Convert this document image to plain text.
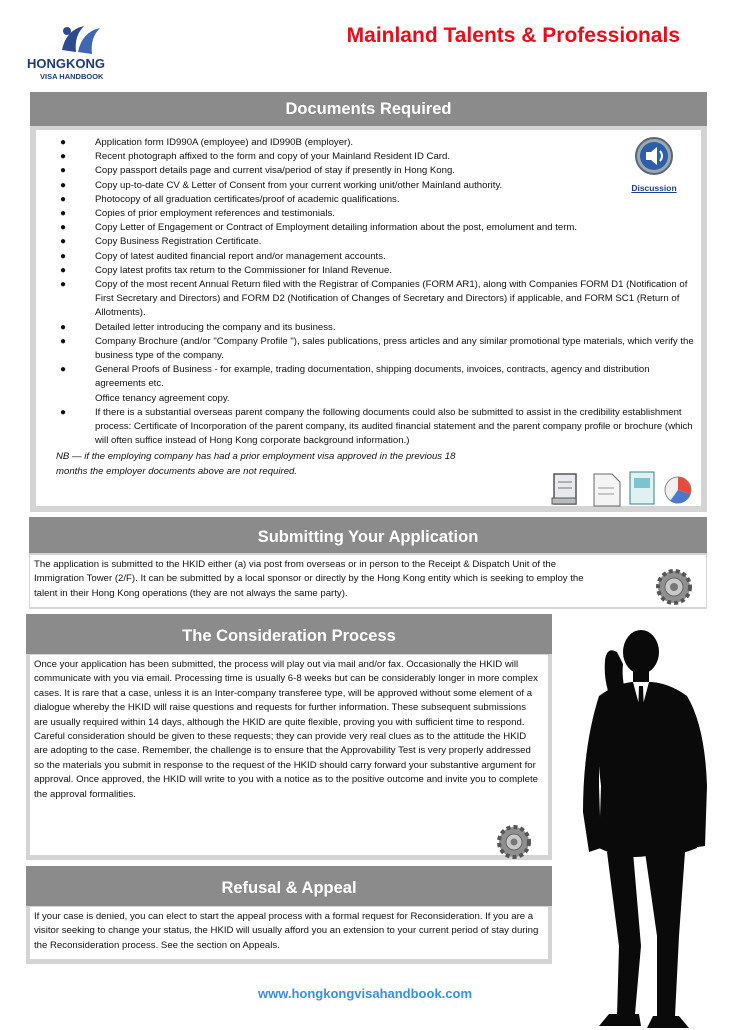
HONGKONG
VISA HANDBOOK
Mainland Talents & Professionals
Documents Required
●	Application form ID990A (employee) and ID990B (employer).
●	Recent photograph affixed to the form and copy of your Mainland Resident ID Card.
●	Copy passport details page and current visa/period of stay if presently in Hong Kong.
●	Copy up-to-date CV & Letter of Consent from your current working unit/other Mainland authority.
●	Photocopy of all graduation certificates/proof of academic qualifications.
●	Copies of prior employment references and testimonials.
●	Copy Letter of Engagement or Contract of Employment detailing information about the post, emolument and term.
●	Copy Business Registration Certificate.
●	Copy of latest audited financial report and/or management accounts.
●	Copy latest profits tax return to the Commissioner for Inland Revenue.
●	Copy of the most recent Annual Return filed with the Registrar of Companies (FORM AR1), along with Companies FORM D1 (Notification of First Secretary and Directors) and FORM D2 (Notification of Changes of Secretary and Directors) if applicable, and FORM SC1 (Return of Allotments).
●	Detailed letter introducing the company and its business.
●	Company Brochure (and/or "Company Profile "), sales publications, press articles and any similar promotional type materials, which verify the business type of the company.
●	General Proofs of Business - for example, trading documentation, shipping documents, invoices, contracts, agency and distribution agreements etc.
Office tenancy agreement copy.
●	If there is a substantial overseas parent company the following documents could also be submitted to assist in the credibility establishment process: Certificate of Incorporation of the parent company, its audited financial statement and the parent company profile or brochure (which will often suffice instead of Hong Kong corporate background information.)
NB — if the employing company has had a prior employment visa approved in the previous 18 months the employer documents above are not required.
Discussion
Submitting Your Application

The application is submitted to the HKID either (a) via post from overseas or in person to the Receipt & Dispatch Unit of the Immigration Tower (2/F). It can be submitted by a local sponsor or directly by the Hong Kong entity which is seeking to employ the talent in their Hong Kong operations (they are not always the same party).

The Consideration Process

Once your application has been submitted, the process will play out via mail and/or fax. Occasionally the HKID will communicate with you via email. Processing time is usually 6-8 weeks but can be considerably longer in more complex cases. It is rare that a case, unless it is an Inter-company transferee type, will be approved without some element of a dialogue whereby the HKID will raise questions and requests for further information. These subsequent submissions are usually required within 14 days, although the HKID are quite flexible, proving you with sufficient time to respond. Careful consideration should be given to these requests; they can provide very real clues as to the attitude the HKID are adopting to the case. Remember, the challenge is to ensure that the Approvability Test is very properly addressed so the materials you submit in response to the request of the HKID should carry forward your substantive argument for approval. Once approved, the HKID will write to you with a notice as to the positive outcome and invite you to complete the approval formalities.

Refusal & Appeal

If your case is denied, you can elect to start the appeal process with a formal request for Reconsideration. If you are a visitor seeking to change your status, the HKID will usually afford you an extension to your current period of stay during the Reconsideration process. See the section on Appeals.

www.hongkongvisahandbook.com
